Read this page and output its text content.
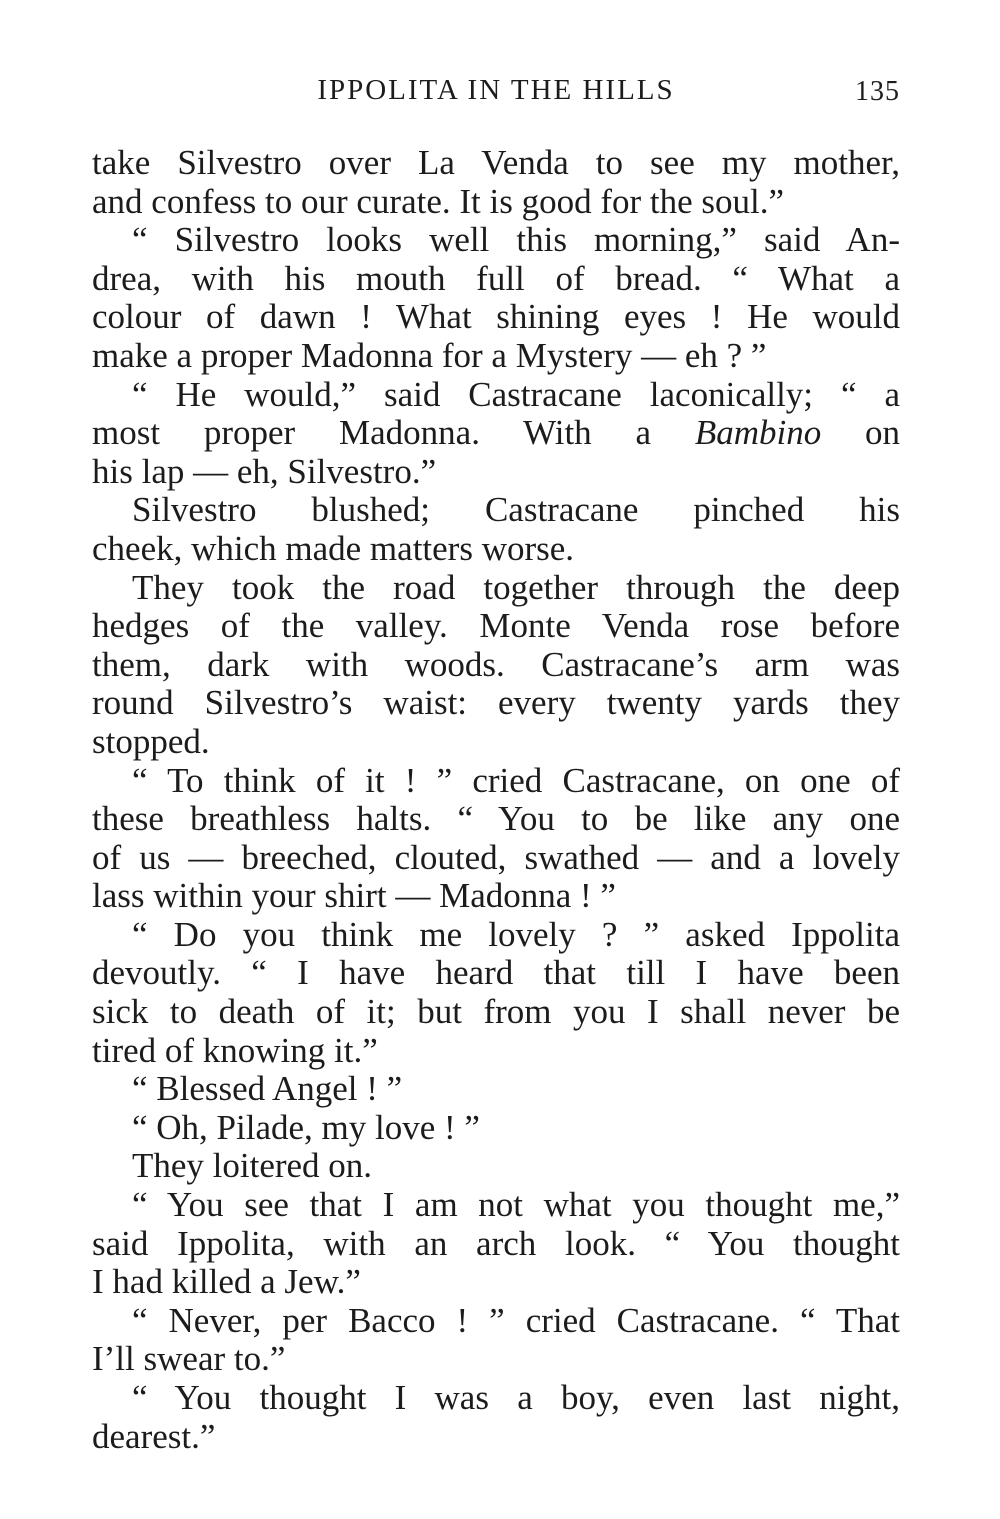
IPPOLITA IN THE HILLS	135
take Silvestro over La Venda to see my mother,
and confess to our curate. It is good for the soul.”
“ Silvestro looks well this morning,” said An-
drea, with his mouth full of bread. “ What a
colour of dawn ! What shining eyes ! He would
make a proper Madonna for a Mystery — eh ? ”
“ He would,” said Castracane laconically; “ a
most proper Madonna. With a Bambino on
his lap — eh, Silvestro.”
Silvestro blushed; Castracane pinched his
cheek, which made matters worse.
They took the road together through the deep
hedges of the valley. Monte Venda rose before
them, dark with woods. Castracane’s arm was
round Silvestro’s waist: every twenty yards they
stopped.
“ To think of it ! ” cried Castracane, on one of
these breathless halts. “ You to be like any one
of us — breeched, clouted, swathed — and a lovely
lass within your shirt — Madonna ! ”
“ Do you think me lovely ? ” asked Ippolita
devoutly. “ I have heard that till I have been
sick to death of it; but from you I shall never be
tired of knowing it.”
“ Blessed Angel ! ”
“ Oh, Pilade, my love ! ”
They loitered on.
“ You see that I am not what you thought me,”
said Ippolita, with an arch look. “ You thought
I had killed a Jew.”
“ Never, per Bacco ! ” cried Castracane. “ That
I’ll swear to.”
“ You thought I was a boy, even last night,
dearest.”
